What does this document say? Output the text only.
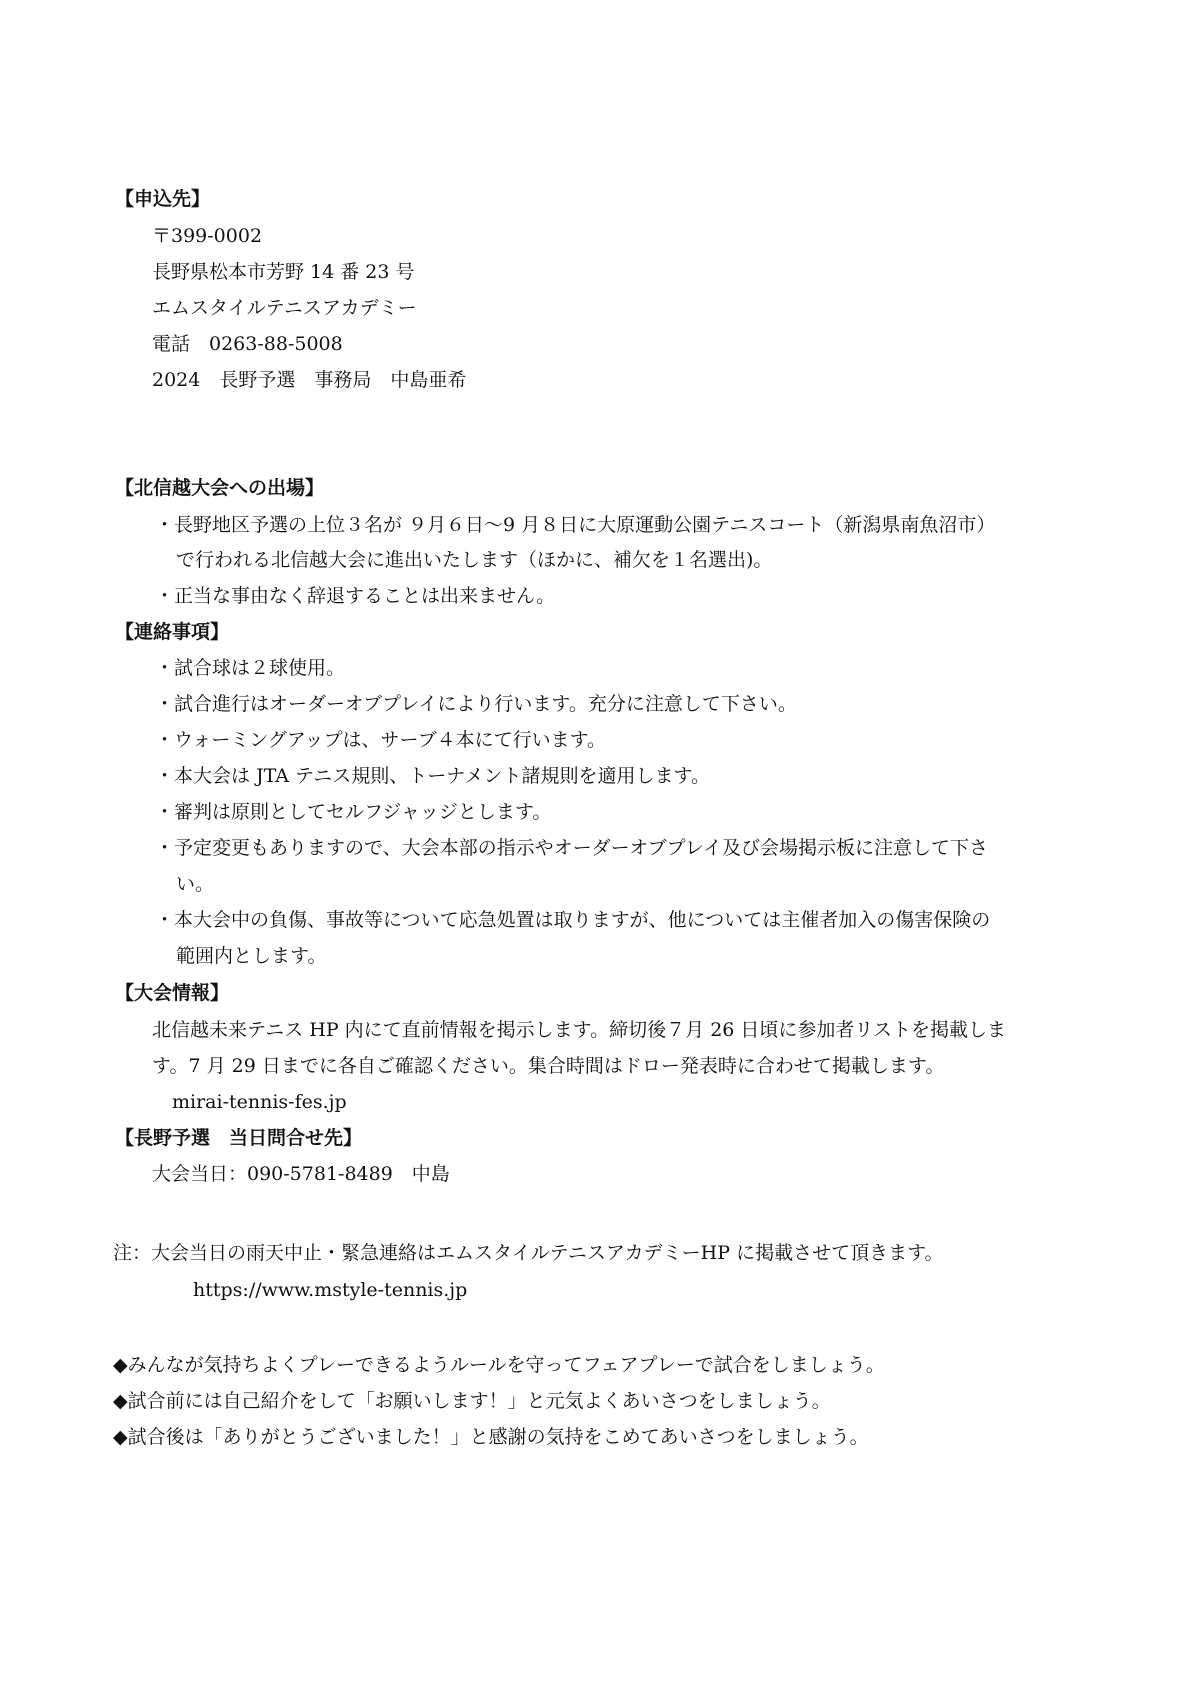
【申込先】
〒399-0002
長野県松本市芳野 14 番 23 号
エムスタイルテニスアカデミー
電話　0263-88-5008
2024　長野予選　事務局　中島亜希
【北信越大会への出場】
・長野地区予選の上位３名が ９月６日～9 月８日に大原運動公園テニスコート（新潟県南魚沼市）
で行われる北信越大会に進出いたします（ほかに、補欠を１名選出)。
・正当な事由なく辞退することは出来ません。
【連絡事項】
・試合球は２球使用。
・試合進行はオーダーオブプレイにより行います。充分に注意して下さい。
・ウォーミングアップは、サーブ４本にて行います。
・本大会は JTA テニス規則、トーナメント諸規則を適用します。
・審判は原則としてセルフジャッジとします。
・予定変更もありますので、大会本部の指示やオーダーオブプレイ及び会場掲示板に注意して下さ
い。
・本大会中の負傷、事故等について応急処置は取りますが、他については主催者加入の傷害保険の
範囲内とします。
【大会情報】
北信越未来テニス HP 内にて直前情報を掲示します。締切後７月 26 日頃に参加者リストを掲載しま
す。7 月 29 日までに各自ご確認ください。集合時間はドロー発表時に合わせて掲載します。
mirai-tennis-fes.jp
【長野予選　当日問合せ先】
大会当日：090-5781-8489　中島
注：大会当日の雨天中止・緊急連絡はエムスタイルテニスアカデミーHP に掲載させて頂きます。
https://www.mstyle-tennis.jp
◆みんなが気持ちよくプレーできるようルールを守ってフェアプレーで試合をしましょう。
◆試合前には自己紹介をして「お願いします！」と元気よくあいさつをしましょう。
◆試合後は「ありがとうございました！」と感謝の気持をこめてあいさつをしましょう。
